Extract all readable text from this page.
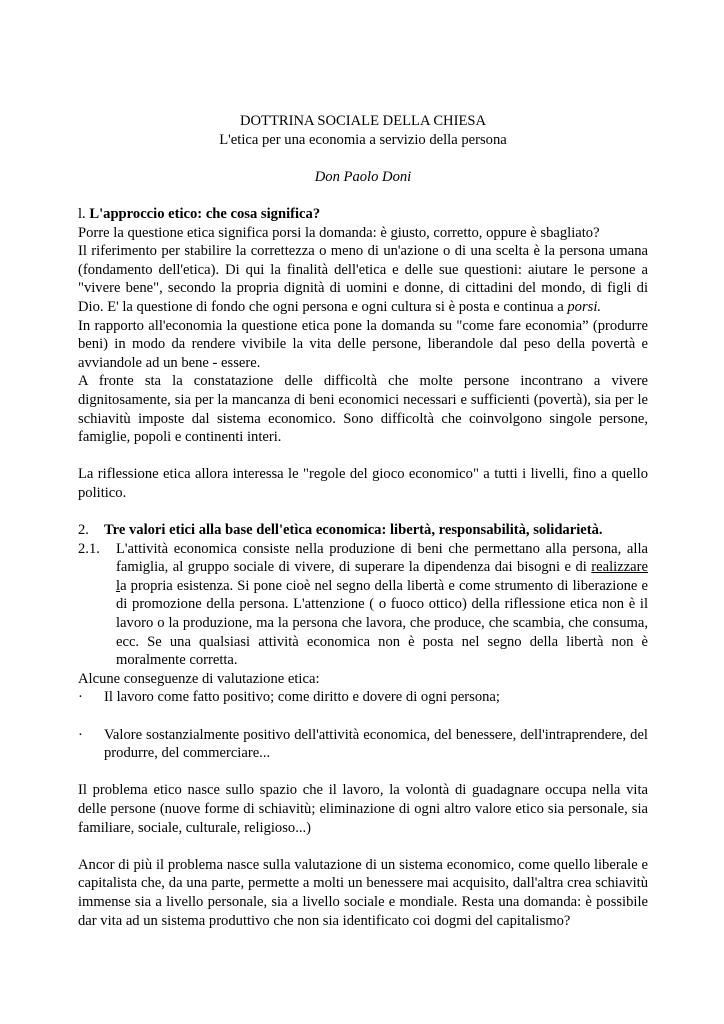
DOTTRINA SOCIALE DELLA CHIESA

L'etica per una economia a servizio della persona

Don Paolo Doni

l. L'approccio etico: che cosa significa?

Porre la questione etica significa porsi la domanda: è giusto, corretto, oppure è sbagliato?

Il riferimento per stabilire la correttezza o meno di un'azione o di una scelta è la persona umana (fondamento dell'etica). Di qui la finalità dell'etica e delle sue questioni: aiutare le persone a "vivere bene", secondo la propria dignità di uomini e donne, di cittadini del mondo, di figli di Dio. E' la questione di fondo che ogni persona e ogni cultura si è posta e continua a porsi.

In rapporto all'economia la questione etica pone la domanda su "come fare economia” (produrre beni) in modo da rendere vivibile la vita delle persone, liberandole dal peso della povertà e avviandole ad un bene - essere.

A fronte sta la constatazione delle difficoltà che molte persone incontrano a vivere dignitosamente, sia per la mancanza di beni economici necessari e sufficienti (povertà), sia per le schiavitù imposte dal sistema economico. Sono difficoltà che coinvolgono singole persone, famiglie, popoli e continenti interi.

La riflessione etica allora interessa le "regole del gioco economico" a tutti i livelli, fino a quello politico.

2.	Tre valori etici alla base dell'etìca economica: libertà, responsabilità, solidarietà.
2.1.	L'attività economica consiste nella produzione di beni che permettano alla persona, alla famiglia, al gruppo sociale di vivere, di superare la dipendenza dai bisogni e di realizzare la propria esistenza. Si pone cioè nel segno della libertà e come strumento di liberazione e di promozione della persona. L'attenzione ( o fuoco ottico) della riflessione etica non è il lavoro o la produzione, ma la persona che lavora, che produce, che scambia, che consuma, ecc. Se una qualsiasi attività economica non è posta nel segno della libertà non è moralmente corretta.

Alcune conseguenze di valutazione etica:

·	Il lavoro come fatto positivo; come diritto e dovere di ogni persona;
·	Valore sostanzialmente positivo dell'attività economica, del benessere, dell'intraprendere, del produrre, del commerciare...

Il problema etico nasce sullo spazio che il lavoro, la volontà di guadagnare occupa nella vita delle persone (nuove forme di schiavitù; eliminazione di ogni altro valore etico sia personale, sia familiare, sociale, culturale, religioso...)

Ancor di più il problema nasce sulla valutazione di un sistema economico, come quello liberale e capitalista che, da una parte, permette a molti un benessere mai acquisito, dall'altra crea schiavitù immense sia a livello personale, sia a livello sociale e mondiale. Resta una domanda: è possibile dar vita ad un sistema produttivo che non sia identificato coi dogmi del capitalismo?
